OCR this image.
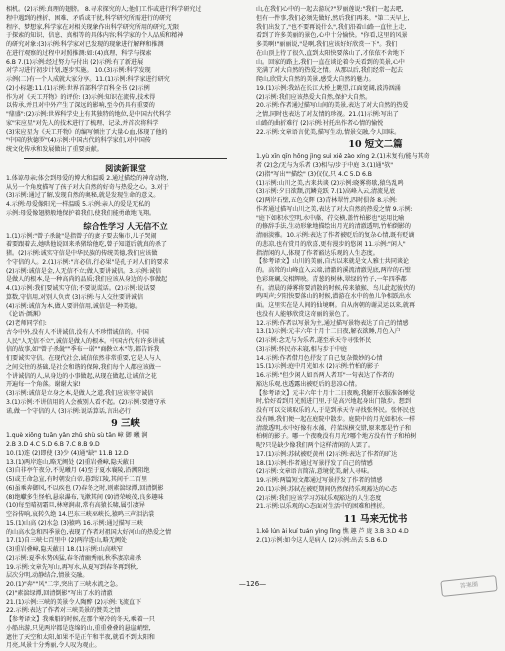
相机。(2)示例:真理的翅膀。 8.寻求探究的人;他们工作或进行科学研究过
程中遇到的挫折、困难、矛盾或干扰,科学研究所需进行的研究
程序、梦想家,科学家在对相关现象作出科学研究所用的研究,无限
于探索的知识、信息、真相等的具体内容;科学家的个人品质和精神
的研究对象:(3)示例:科学家对已发现的现象进行解释和推测
在进行观察的过程中对照推测:如:(4)真理、科学与探索
6.B 7.(1)示例:经过努力与付出 (2)示例:有了新进展
对学习进行初步计划,逐步实施。 10.(3)示例:科学发现
示例(二)有一个人成就大家分享。11.(1)示例:科学家进行研究
(2)小标题:11.(1)示例:世界首部科学百科全书 (2)示例
作为对《天工开物》的评价: (3)示例:知识在流传,技术得
以传承,并且对中外产生了深远的影响,至今仍具有重要的
"鼎盛":(2)示例:世界科学史上有其独特的地位,是中国古代科学
家"宋应星"对先人的技术进行了梳理、记录,并首次将科学
(3)宋应星为《天工开物》的编写倾注了大量心血,体现了他的
"中国的狄德罗"(4)示例:中国古代的科学家们,对中国传
统文化传承和发展做出了重要贡献。
阅读新课堂
1.体谅母亲;体会到母爱的博大和温暖 2.通过描绘的神奇动物,
从另一个角度描写了孩子对大自然的好奇与热爱之心。3.对于
(3)示例:通过了解,发现自然的奥秘,就是发现生命的意义。
4.示例:母爱像阳光一样温暖 5.示例:亲人的爱是无私的
示例:母爱像翅膀般地保护着我们,使我们能勇敢地飞翔。
综合性学习 人无信不立
1.(1)示例:"曾子杀彘"是指曾子的妻子要去集市,儿子哭闹
着要跟着去,她哄他说回来杀猪给他吃,曾子知道后就真的杀了
猪。(2)示例:诚实守信是中华民族的传统美德,我们应该做
个守信的人。2.(1)示例:"言必信,行必果"是孔子对人们的要求
(2)示例:诚信是金,人无信不立;做人要讲诚信。3.示例:诚信
是做人的根本,是一种高尚的品质;我们应该从身边的小事做起
4.(1)示例:我们要诚实守信;不要说谎话。(2)示例:说话要
算数,守信用,对别人负责 (3)示例:与人交往要讲诚信
(4)示例:诚信为本,做人要讲信用,诚信是一种美德。
《论语·颜渊》
(2)老师同学们:
古今中外,没有人不讲诚信,没有人不珍惜诚信的。中国
人民"人无信不立",诚信是做人的根本。中国古代有许多讲诚
信的故事,如"曾子杀彘""季布一诺""商鞅立木"等,都告诉我
们要诚实守信。在现代社会,诚信依然非常重要,它是人与人
之间交往的基础,是社会和谐的保障,我们每个人都应该做一
个讲诚信的人,从身边的小事做起,从现在做起,让诚信之花
开遍每一个角落。谢谢大家!
(3)示例:诚信是立身之本,是做人之道,我们应该坚守诚信
3.(1)示例:不讲信用的人会被别人看不起。(2)示例:要遵守承
诺,做一个守信的人 (3)示例:说话算话,言出必行
9 三峡
1.què xiōng tuān yǎn zhǔ shù sù tān 嶂 御 曦 涧
2.B 3.D 4.C 5.D 6.B 7.C 8.B 9.D
10.(1)连 (2)即使 (3)少 (4)通"缺" 11.B 12.D
13.(1)两岸连山,略无阙处 (2)重岩叠嶂,隐天蔽日
(3)自非亭午夜分,不见曦月 (4)至于夏水襄陵,沿溯阻绝
(5)或王命急宣,有时朝发白帝,暮到江陵,其间千二百里
(6)虽乘奔御风,不以疾也 (7)春冬之时,则素湍绿潭,回清倒影
(8)绝巘多生怪柏,悬泉瀑布,飞漱其间 (9)清荣峻茂,良多趣味
(10)每至晴初霜旦,林寒涧肃,常有高猿长啸,属引凄异
空谷传响,哀转久绝 14.巴东三峡巫峡长,猿鸣三声泪沾裳
15.(1)山高 (2)水急 (3)猿鸣 16.示例:通过描写三峡
的山高水急和四季景色,表现了作者对祖国大好河山的热爱之情
17.(1)自三峡七百里中 (2)两岸连山,略无阙处
(3)重岩叠嶂,隐天蔽日 18.(1)示例:山高峡窄
(2)示例:夏季水势凶猛,春冬清幽秀丽,秋季凄凉肃杀
19.示例:文章先写山,再写水,从夏写到春冬再到秋,
层次分明,动静结合,情景交融。
20.(1)"奔""风"二字,突出了三峡水流之急。
(2)"素湍绿潭,回清倒影"写出了水的清澈
21.(1)示例:三峡的美景令人陶醉 (2)示例:飞流直下
22.示例:表达了作者对三峡美景的赞美之情
【参考译文】我乘船的时候,在那个寒冷的冬天,乘着一只
小船出游,只见两岸都是连绵的山,重重叠叠的悬崖峭壁,
遮住了天空和太阳,如果不是正午和半夜,就看不到太阳和
月亮,风景十分秀丽,令人叹为观止。
山,在我们心中的一起去游玩?"罗丽莲说:"我们一起去吧,
但有一件事,我们必须先做好,然后我们再来。"第二天早上,
我们出发了,"也不要再说什么",我们沿着山路一直往上走,
看到了许多美丽的景色,心中十分愉快。"你看,这里的风景
多美啊!"丽丽说,"是啊,我们应该好好欣赏一下"。我们
在山顶上待了很久,直到太阳快要落山了,才依依不舍地下
山。回家的路上,我们一直在谈论着今天看到的美景,心中
充满了对大自然的热爱之情。从那以后,我们经常一起去
爬山,欣赏大自然的美景,感受大自然的魅力。
19.(1)示例:我站在长江大桥上眺望,江面宽阔,波涛汹涌
(2)示例:我们应该热爱大自然,保护大自然。
20.示例:作者通过描写山间的美景,表达了对大自然的热爱
之情,同时也表达了对友情的珍视。21.(1)示例:写出了
山路的曲折难行 (2)示例:衬托出作者心情的愉悦
22.示例:文章语言优美,描写生动,情景交融,令人回味。
10 短文二篇
1.yù xīn qīn hōng jìng suì xiě zào xíng 2.(1)未复有/能与其奇
者 (2)念/无与为乐者 (3)相与/步于中庭 3.(1)通"欤"
(2)指"写出""描绘" (3)仅仅,只 4.C 5.D 6.B
(1)示例:山川之美,古来共谈 (2)示例:晓雾将歇,猿鸟乱鸣
(3)示例:夕日欲颓,沉鳞竞跃 7.(1)高峰入云,清流见底
(2)两岸石壁,五色交辉 (3)青林翠竹,四时俱备 8.示例:
作者通过描写山川之美,表达了对大自然的热爱之情 9.示例:
"庭下如积水空明,水中藻、荇交横,盖竹柏影也"运用比喻
的修辞手法,生动形象地描绘出月光的清澈透明,竹柏倒影的
清丽淡雅。10.示例:表达了作者被贬后的复杂心情,既有贬谪
的悲凉,也有赏月的欣喜,更有漫步的悠闲 11.示例:"闲人"
指清闲的人,体现了作者豁达乐观的人生态度。
【参考译文】山川的美丽,自古以来就是文人雅士共同谈论
的。高耸的山峰直入云端,清澈的溪流清澈见底,两岸的石壁
色彩斑斓,交相辉映。青葱的树林,翠绿的竹子,一年四季都
有。清晨的薄雾将要消散的时候,传来猿猴、鸟儿此起彼伏的
鸣叫声;夕阳快要落山的时候,潜游在水中的鱼儿争相跃出水
面。这里实在是人间的仙境啊。自从南朝的谢灵运以来,就再
也没有人能够欣赏这奇丽的景色了。
12.示例:作者以写景为主,通过描写景物表达了自己的情感
13.(1)示例:元丰六年十月十二日夜,解衣欲睡,月色入户
(2)示例:念无与为乐者,遂至承天寺寻张怀民
(3)示例:怀民亦未寝,相与步于中庭
14.示例:作者借月色抒发了自己复杂微妙的心情
15.(1)示例:庭中月光如水 (2)示例:竹柏的影子
16.示例:"但少闲人如吾两人者耳"一句表达了作者的
豁达乐观,也透露出被贬后的悲凉心情。
【参考译文】元丰六年十月十二日夜晚,我解开衣服准备睡觉
时,恰好看到月光照进门里,于是高兴地起身出门散步。想到
没有可以交谈取乐的人,于是到承天寺寻找张怀民。张怀民也
没有睡,我们便一起在庭院中散步。庭院中的月光如积水一样
清澈透明,水中好像有水藻、荇菜纵横交错,原来那是竹子和
柏树的影子。哪一个夜晚没有月光?哪个地方没有竹子和柏树
呢?只是缺少像我们两个这样清闲的人罢了。
17.(1)示例:苏轼被贬黄州 (2)示例:表达了作者的旷达
18.(1)示例:作者通过写景抒发了自己的情感
(2)示例:文章语言简洁,意境优美,耐人寻味。
19.示例:两篇短文都通过写景抒发了作者的情感
20.(1)示例:苏轼在被贬期间仍然保持乐观豁达的心态
(2)示例:我们应该学习苏轼乐观豁达的人生态度
21.示例:以乐观的心态面对生活中的困难和挫折。
11 马来无忧书
1.kě lún ài kuí tuán yìng lǐng 憔 趣 芦 庞 3.B 3.D 4.D
2.(1)示例:如今这人是病人 (2)示例:出去 5.B 6.D
—126—	答案圈
